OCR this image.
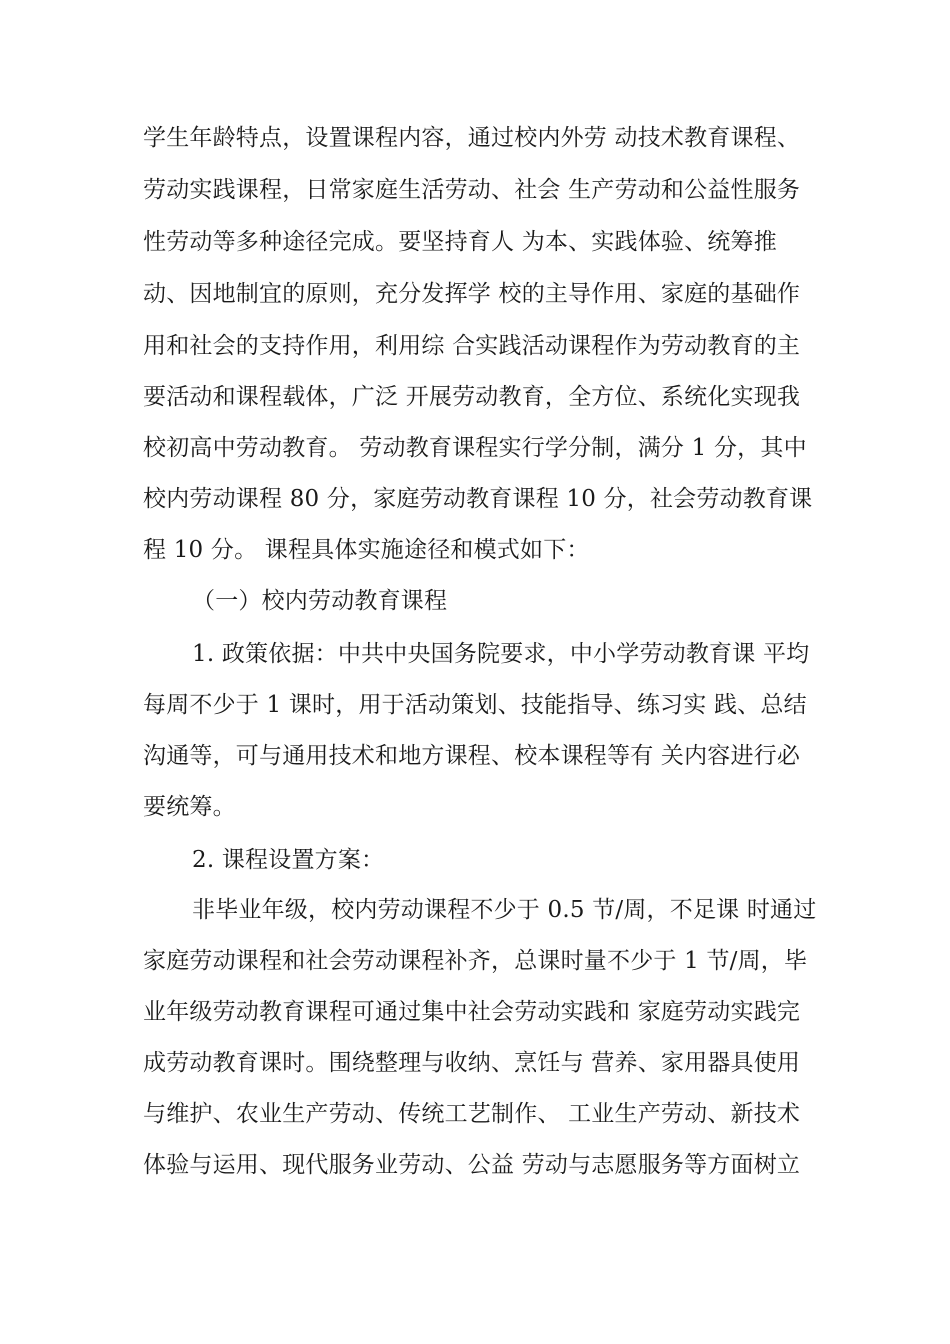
学生年龄特点，设置课程内容，通过校内外劳 动技术教育课程、
劳动实践课程，日常家庭生活劳动、社会 生产劳动和公益性服务
性劳动等多种途径完成。要坚持育人 为本、实践体验、统筹推
动、因地制宜的原则，充分发挥学 校的主导作用、家庭的基础作
用和社会的支持作用，利用综 合实践活动课程作为劳动教育的主
要活动和课程载体，广泛 开展劳动教育，全方位、系统化实现我
校初高中劳动教育。 劳动教育课程实行学分制，满分 1 分，其中
校内劳动课程 80 分，家庭劳动教育课程 10 分，社会劳动教育课
程 10 分。 课程具体实施途径和模式如下：
（一）校内劳动教育课程
1. 政策依据：中共中央国务院要求，中小学劳动教育课 平均
每周不少于 1 课时，用于活动策划、技能指导、练习实 践、总结
沟通等，可与通用技术和地方课程、校本课程等有 关内容进行必
要统筹。
2. 课程设置方案：
非毕业年级，校内劳动课程不少于 0.5 节/周，不足课 时通过
家庭劳动课程和社会劳动课程补齐，总课时量不少于 1 节/周，毕
业年级劳动教育课程可通过集中社会劳动实践和 家庭劳动实践完
成劳动教育课时。围绕整理与收纳、烹饪与 营养、家用器具使用
与维护、农业生产劳动、传统工艺制作、 工业生产劳动、新技术
体验与运用、现代服务业劳动、公益 劳动与志愿服务等方面树立
